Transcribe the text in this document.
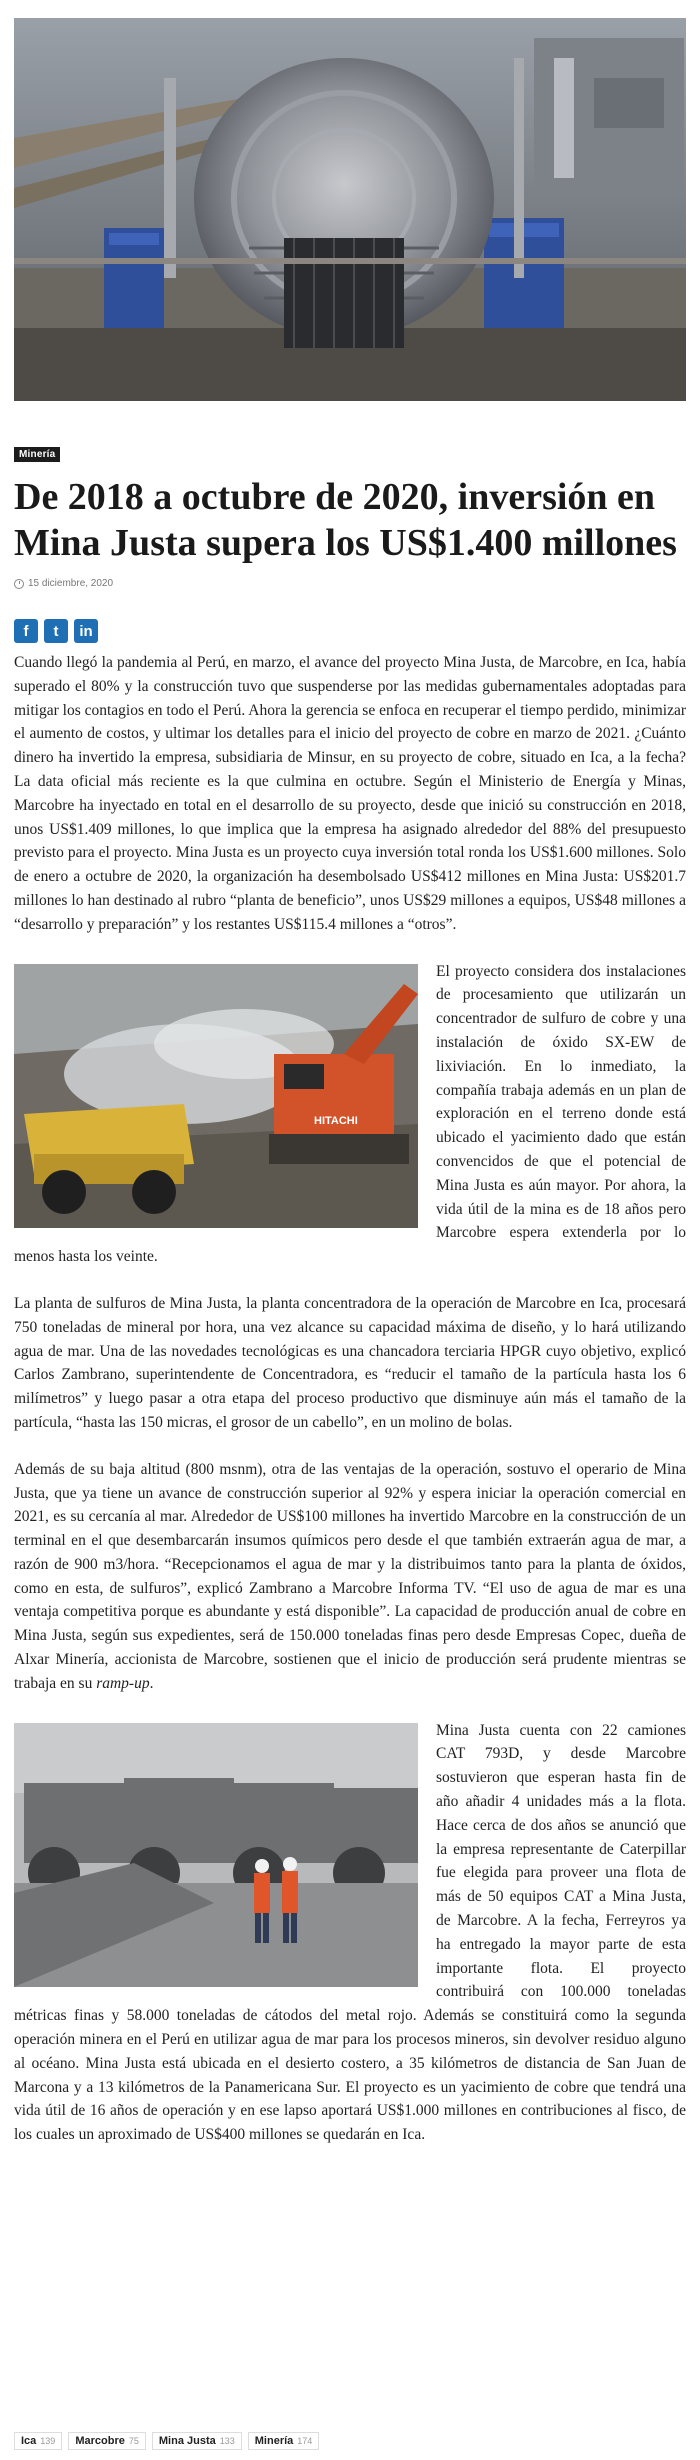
Minería
De 2018 a octubre de 2020, inversión en Mina Justa supera los US$1.400 millones
15 diciembre, 2020
f t in

Cuando llegó la pandemia al Perú, en marzo, el avance del proyecto Mina Justa, de Marcobre, en Ica, había superado el 80% y la construcción tuvo que suspenderse por las medidas gubernamentales adoptadas para mitigar los contagios en todo el Perú. Ahora la gerencia se enfoca en recuperar el tiempo perdido, minimizar el aumento de costos, y ultimar los detalles para el inicio del proyecto de cobre en marzo de 2021. ¿Cuánto dinero ha invertido la empresa, subsidiaria de Minsur, en su proyecto de cobre, situado en Ica, a la fecha? La data oficial más reciente es la que culmina en octubre. Según el Ministerio de Energía y Minas, Marcobre ha inyectado en total en el desarrollo de su proyecto, desde que inició su construcción en 2018, unos US$1.409 millones, lo que implica que la empresa ha asignado alrededor del 88% del presupuesto previsto para el proyecto. Mina Justa es un proyecto cuya inversión total ronda los US$1.600 millones. Solo de enero a octubre de 2020, la organización ha desembolsado US$412 millones en Mina Justa: US$201.7 millones lo han destinado al rubro “planta de beneficio”, unos US$29 millones a equipos, US$48 millones a “desarrollo y preparación” y los restantes US$115.4 millones a “otros”.

HITACHI

El proyecto considera dos instalaciones de procesamiento que utilizarán un concentrador de sulfuro de cobre y una instalación de óxido SX-EW de lixiviación. En lo inmediato, la compañía trabaja además en un plan de exploración en el terreno donde está ubicado el yacimiento dado que están convencidos de que el potencial de Mina Justa es aún mayor. Por ahora, la vida útil de la mina es de 18 años pero Marcobre espera extenderla por lo menos hasta los veinte.

La planta de sulfuros de Mina Justa, la planta concentradora de la operación de Marcobre en Ica, procesará 750 toneladas de mineral por hora, una vez alcance su capacidad máxima de diseño, y lo hará utilizando agua de mar. Una de las novedades tecnológicas es una chancadora terciaria HPGR cuyo objetivo, explicó Carlos Zambrano, superintendente de Concentradora, es “reducir el tamaño de la partícula hasta los 6 milímetros” y luego pasar a otra etapa del proceso productivo que disminuye aún más el tamaño de la partícula, “hasta las 150 micras, el grosor de un cabello”, en un molino de bolas.

Además de su baja altitud (800 msnm), otra de las ventajas de la operación, sostuvo el operario de Mina Justa, que ya tiene un avance de construcción superior al 92% y espera iniciar la operación comercial en 2021, es su cercanía al mar. Alrededor de US$100 millones ha invertido Marcobre en la construcción de un terminal en el que desembarcarán insumos químicos pero desde el que también extraerán agua de mar, a razón de 900 m3/hora. “Recepcionamos el agua de mar y la distribuimos tanto para la planta de óxidos, como en esta, de sulfuros”, explicó Zambrano a Marcobre Informa TV. “El uso de agua de mar es una ventaja competitiva porque es abundante y está disponible”. La capacidad de producción anual de cobre en Mina Justa, según sus expedientes, será de 150.000 toneladas finas pero desde Empresas Copec, dueña de Alxar Minería, accionista de Marcobre, sostienen que el inicio de producción será prudente mientras se trabaja en su ramp-up.

Mina Justa cuenta con 22 camiones CAT 793D, y desde Marcobre sostuvieron que esperan hasta fin de año añadir 4 unidades más a la flota. Hace cerca de dos años se anunció que la empresa representante de Caterpillar fue elegida para proveer una flota de más de 50 equipos CAT a Mina Justa, de Marcobre. A la fecha, Ferreyros ya ha entregado la mayor parte de esta importante flota. El proyecto contribuirá con 100.000 toneladas métricas finas y 58.000 toneladas de cátodos del metal rojo. Además se constituirá como la segunda operación minera en el Perú en utilizar agua de mar para los procesos mineros, sin devolver residuo alguno al océano. Mina Justa está ubicada en el desierto costero, a 35 kilómetros de distancia de San Juan de Marcona y a 13 kilómetros de la Panamericana Sur. El proyecto es un yacimiento de cobre que tendrá una vida útil de 16 años de operación y en ese lapso aportará US$1.000 millones en contribuciones al fisco, de los cuales un aproximado de US$400 millones se quedarán en Ica.

Ica 139 Marcobre 75 Mina Justa 133 Minería 174
